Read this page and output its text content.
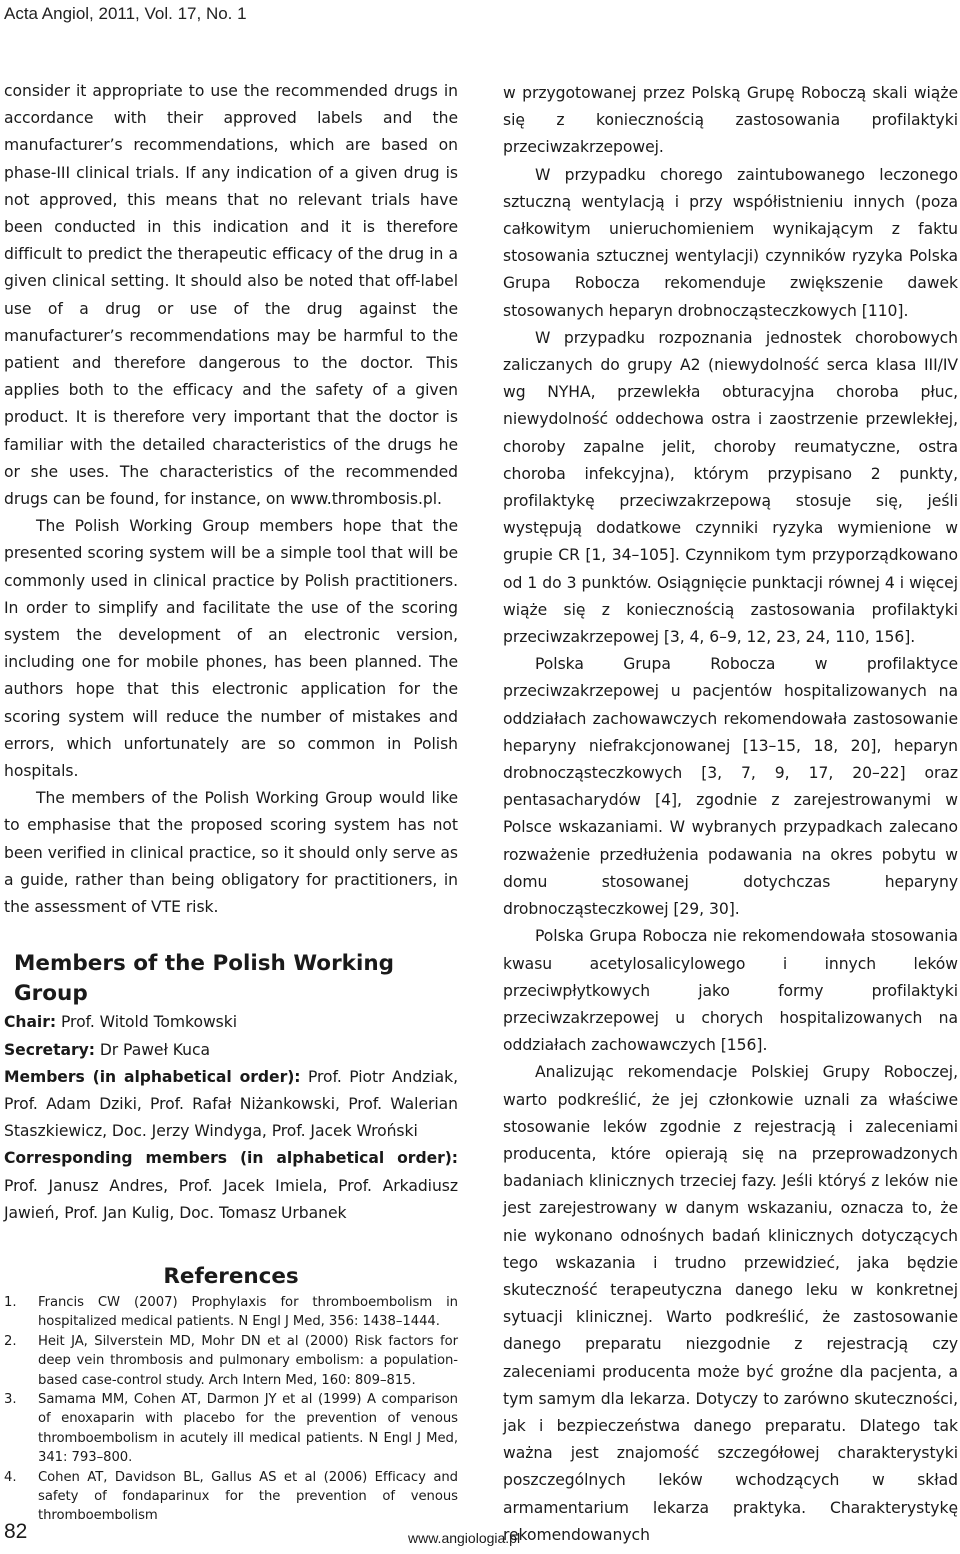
Acta Angiol, 2011, Vol. 17, No. 1

consider it appropriate to use the recommended drugs in accordance with their approved labels and the manufacturer’s recommendations, which are based on phase-III clinical trials. If any indication of a given drug is not approved, this means that no relevant trials have been conducted in this indication and it is therefore difficult to predict the therapeutic efficacy of the drug in a given clinical setting. It should also be noted that off-label use of a drug or use of the drug against the manufacturer’s recommendations may be harmful to the patient and therefore dangerous to the doctor. This applies both to the efficacy and the safety of a given product. It is therefore very important that the doctor is familiar with the detailed characteristics of the drugs he or she uses. The characteristics of the recommended drugs can be found, for instance, on www.thrombosis.pl.

The Polish Working Group members hope that the presented scoring system will be a simple tool that will be commonly used in clinical practice by Polish practitioners. In order to simplify and facilitate the use of the scoring system the development of an electronic version, including one for mobile phones, has been planned. The authors hope that this electronic application for the scoring system will reduce the number of mistakes and errors, which unfortunately are so common in Polish hospitals.

The members of the Polish Working Group would like to emphasise that the proposed scoring system has not been verified in clinical practice, so it should only serve as a guide, rather than being obligatory for practitioners, in the assessment of VTE risk.

Members of the Polish Working Group
Chair: Prof. Witold Tomkowski
Secretary: Dr Paweł Kuca
Members (in alphabetical order): Prof. Piotr Andziak, Prof. Adam Dziki, Prof. Rafał Niżankowski, Prof. Walerian Staszkiewicz, Doc. Jerzy Windyga, Prof. Jacek Wroński
Corresponding members (in alphabetical order): Prof. Janusz Andres, Prof. Jacek Imiela, Prof. Arkadiusz Jawień, Prof. Jan Kulig, Doc. Tomasz Urbanek
References
1.	Francis CW (2007) Prophylaxis for thromboembolism in hospitalized medical patients. N Engl J Med, 356: 1438–1444.
2.	Heit JA, Silverstein MD, Mohr DN et al (2000) Risk factors for deep vein thrombosis and pulmonary embolism: a population-based case-control study. Arch Intern Med, 160: 809–815.
3.	Samama MM, Cohen AT, Darmon JY et al (1999) A comparison of enoxaparin with placebo for the prevention of venous thromboembolism in acutely ill medical patients. N Engl J Med, 341: 793–800.
4.	Cohen AT, Davidson BL, Gallus AS et al (2006) Efficacy and safety of fondaparinux for the prevention of venous thromboembolism

w przygotowanej przez Polską Grupę Roboczą skali wiąże się z koniecznością zastosowania profilaktyki przeciwzakrzepowej.

W przypadku chorego zaintubowanego leczonego sztuczną wentylacją i przy współistnieniu innych (poza całkowitym unieruchomieniem wynikającym z faktu stosowania sztucznej wentylacji) czynników ryzyka Polska Grupa Robocza rekomenduje zwiększenie dawek stosowanych heparyn drobnocząsteczkowych [110].

W przypadku rozpoznania jednostek chorobowych zaliczanych do grupy A2 (niewydolność serca klasa III/IV wg NYHA, przewlekła obturacyjna choroba płuc, niewydolność oddechowa ostra i zaostrzenie przewlekłej, choroby zapalne jelit, choroby reumatyczne, ostra choroba infekcyjna), którym przypisano 2 punkty, profilaktykę przeciwzakrzepową stosuje się, jeśli występują dodatkowe czynniki ryzyka wymienione w grupie CR [1, 34–105]. Czynnikom tym przyporządkowano od 1 do 3 punktów. Osiągnięcie punktacji równej 4 i więcej wiąże się z koniecznością zastosowania profilaktyki przeciwzakrzepowej [3, 4, 6–9, 12, 23, 24, 110, 156].

Polska Grupa Robocza w profilaktyce przeciwzakrzepowej u pacjentów hospitalizowanych na oddziałach zachowawczych rekomendowała zastosowanie heparyny niefrakcjonowanej [13–15, 18, 20], heparyn drobnocząsteczkowych [3, 7, 9, 17, 20–22] oraz pentasacharydów [4], zgodnie z zarejestrowanymi w Polsce wskazaniami. W wybranych przypadkach zalecano rozważenie przedłużenia podawania na okres pobytu w domu stosowanej dotychczas heparyny drobnocząsteczkowej [29, 30].

Polska Grupa Robocza nie rekomendowała stosowania kwasu acetylosalicylowego i innych leków przeciwpłytkowych jako formy profilaktyki przeciwzakrzepowej u chorych hospitalizowanych na oddziałach zachowawczych [156].

Analizując rekomendacje Polskiej Grupy Roboczej, warto podkreślić, że jej członkowie uznali za właściwe stosowanie leków zgodnie z rejestracją i zaleceniami producenta, które opierają się na przeprowadzonych badaniach klinicznych trzeciej fazy. Jeśli któryś z leków nie jest zarejestrowany w danym wskazaniu, oznacza to, że nie wykonano odnośnych badań klinicznych dotyczących tego wskazania i trudno przewidzieć, jaka będzie skuteczność terapeutyczna danego leku w konkretnej sytuacji klinicznej. Warto podkreślić, że zastosowanie danego preparatu niezgodnie z rejestracją czy zaleceniami producenta może być groźne dla pacjenta, a tym samym dla lekarza. Dotyczy to zarówno skuteczności, jak i bezpieczeństwa danego preparatu. Dlatego tak ważna jest znajomość szczegółowej charakterystyki poszczególnych leków wchodzących w skład armamentarium lekarza praktyka. Charakterystykę rekomendowanych

82	www.angiologia.pl
